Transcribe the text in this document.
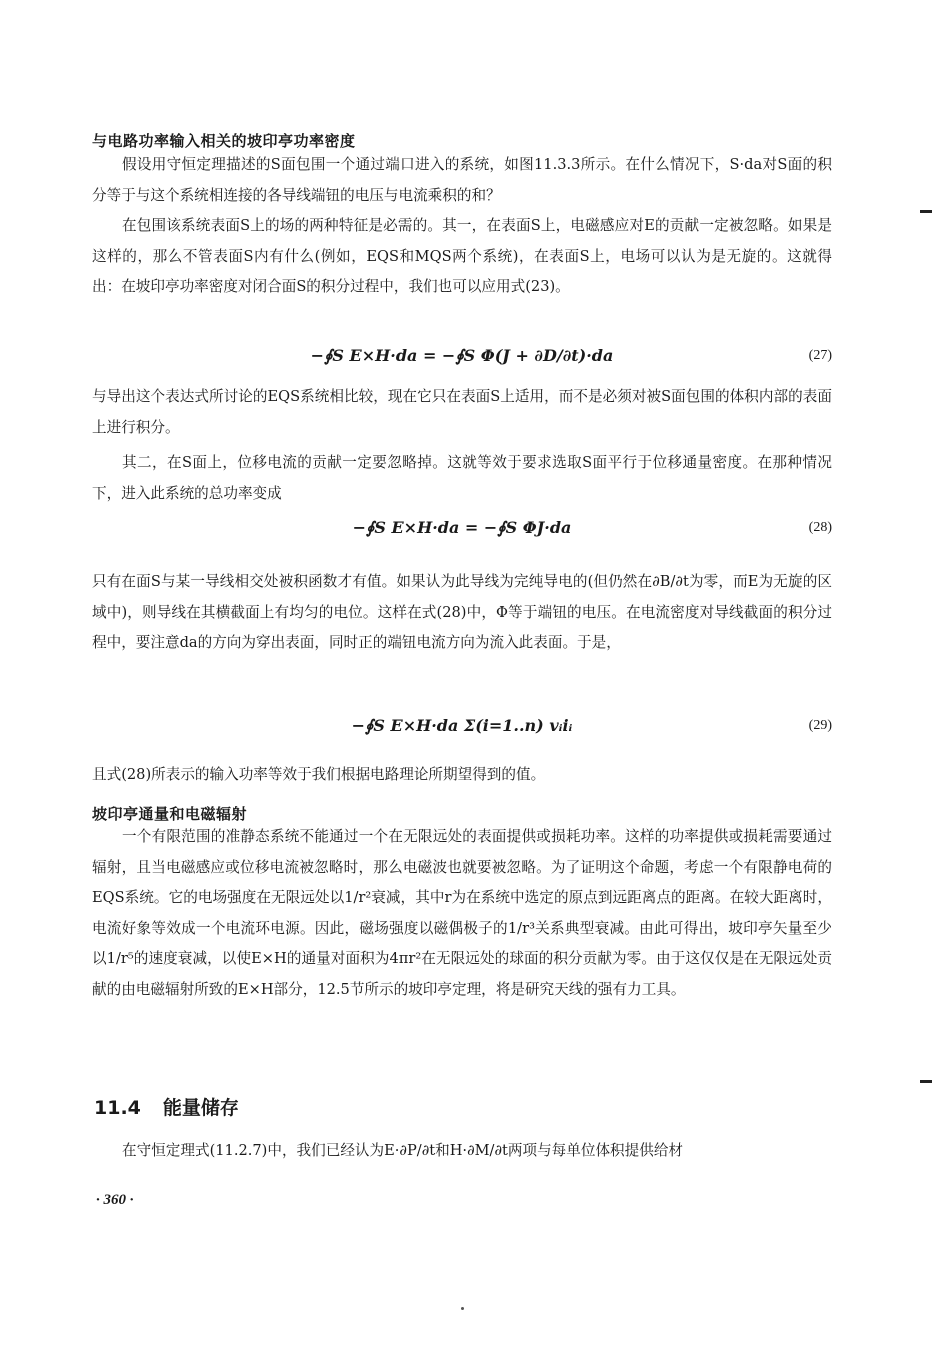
与电路功率输入相关的坡印亭功率密度
假设用守恒定理描述的S面包围一个通过端口进入的系统，如图11.3.3所示。在什么情况下，S·da对S面的积分等于与这个系统相连接的各导线端钮的电压与电流乘积的和？
在包围该系统表面S上的场的两种特征是必需的。其一，在表面S上，电磁感应对E的贡献一定被忽略。如果是这样的，那么不管表面S内有什么(例如，EQS和MQS两个系统)，在表面S上，电场可以认为是无旋的。这就得出：在坡印亭功率密度对闭合面S的积分过程中，我们也可以应用式(23)。
−∮S E×H·da = −∮S Φ(J + ∂D/∂t)·da	(27)
与导出这个表达式所讨论的EQS系统相比较，现在它只在表面S上适用，而不是必须对被S面包围的体积内部的表面上进行积分。
其二，在S面上，位移电流的贡献一定要忽略掉。这就等效于要求选取S面平行于位移通量密度。在那种情况下，进入此系统的总功率变成
−∮S E×H·da = −∮S ΦJ·da	(28)
只有在面S与某一导线相交处被积函数才有值。如果认为此导线为完纯导电的(但仍然在∂B/∂t为零，而E为无旋的区域中)，则导线在其横截面上有均匀的电位。这样在式(28)中，Φ等于端钮的电压。在电流密度对导线截面的积分过程中，要注意da的方向为穿出表面，同时正的端钮电流方向为流入此表面。于是，
−∮S E×H·da Σ(i=1..n) vᵢiᵢ	(29)
且式(28)所表示的输入功率等效于我们根据电路理论所期望得到的值。
坡印亭通量和电磁辐射
一个有限范围的准静态系统不能通过一个在无限远处的表面提供或损耗功率。这样的功率提供或损耗需要通过辐射，且当电磁感应或位移电流被忽略时，那么电磁波也就要被忽略。为了证明这个命题，考虑一个有限静电荷的EQS系统。它的电场强度在无限远处以1/r²衰减，其中r为在系统中选定的原点到远距离点的距离。在较大距离时，电流好象等效成一个电流环电源。因此，磁场强度以磁偶极子的1/r³关系典型衰减。由此可得出，坡印亭矢量至少以1/r⁵的速度衰减，以使E×H的通量对面积为4πr²在无限远处的球面的积分贡献为零。由于这仅仅是在无限远处贡献的由电磁辐射所致的E×H部分，12.5节所示的坡印亭定理，将是研究天线的强有力工具。
11.4 能量储存
在守恒定理式(11.2.7)中，我们已经认为E·∂P/∂t和H·∂M/∂t两项与每单位体积提供给材
· 360 ·
